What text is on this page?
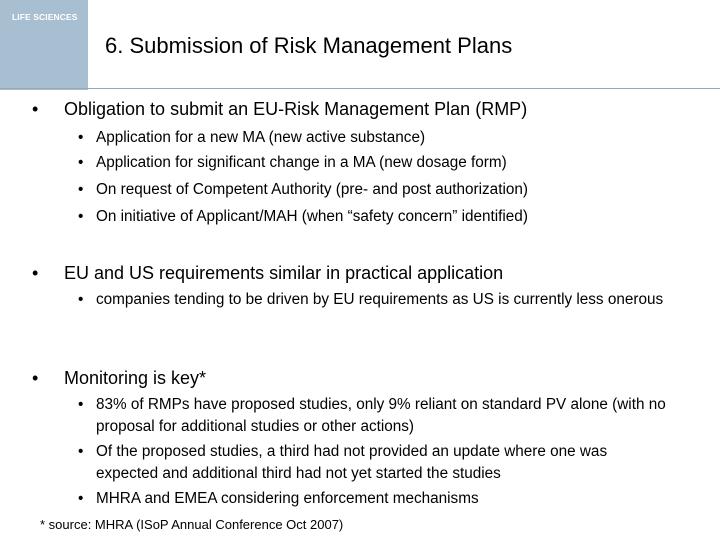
LIFE SCIENCES
6. Submission of Risk Management Plans
• Obligation to submit an EU-Risk Management Plan (RMP)
• Application for a new MA (new active substance)
• Application for significant change in a MA (new dosage form)
• On request of Competent Authority (pre- and post authorization)
• On initiative of Applicant/MAH (when “safety concern” identified)
• EU and US requirements similar in practical application
• companies tending to be driven by EU requirements as US is currently less onerous
• Monitoring is key*
• 83% of RMPs have proposed studies, only 9% reliant on standard PV alone (with no proposal for additional studies or other actions)
• Of the proposed studies, a third had not provided an update where one was expected and additional third had not yet started the studies
• MHRA and EMEA considering enforcement mechanisms
* source: MHRA (ISoP Annual Conference Oct 2007)
